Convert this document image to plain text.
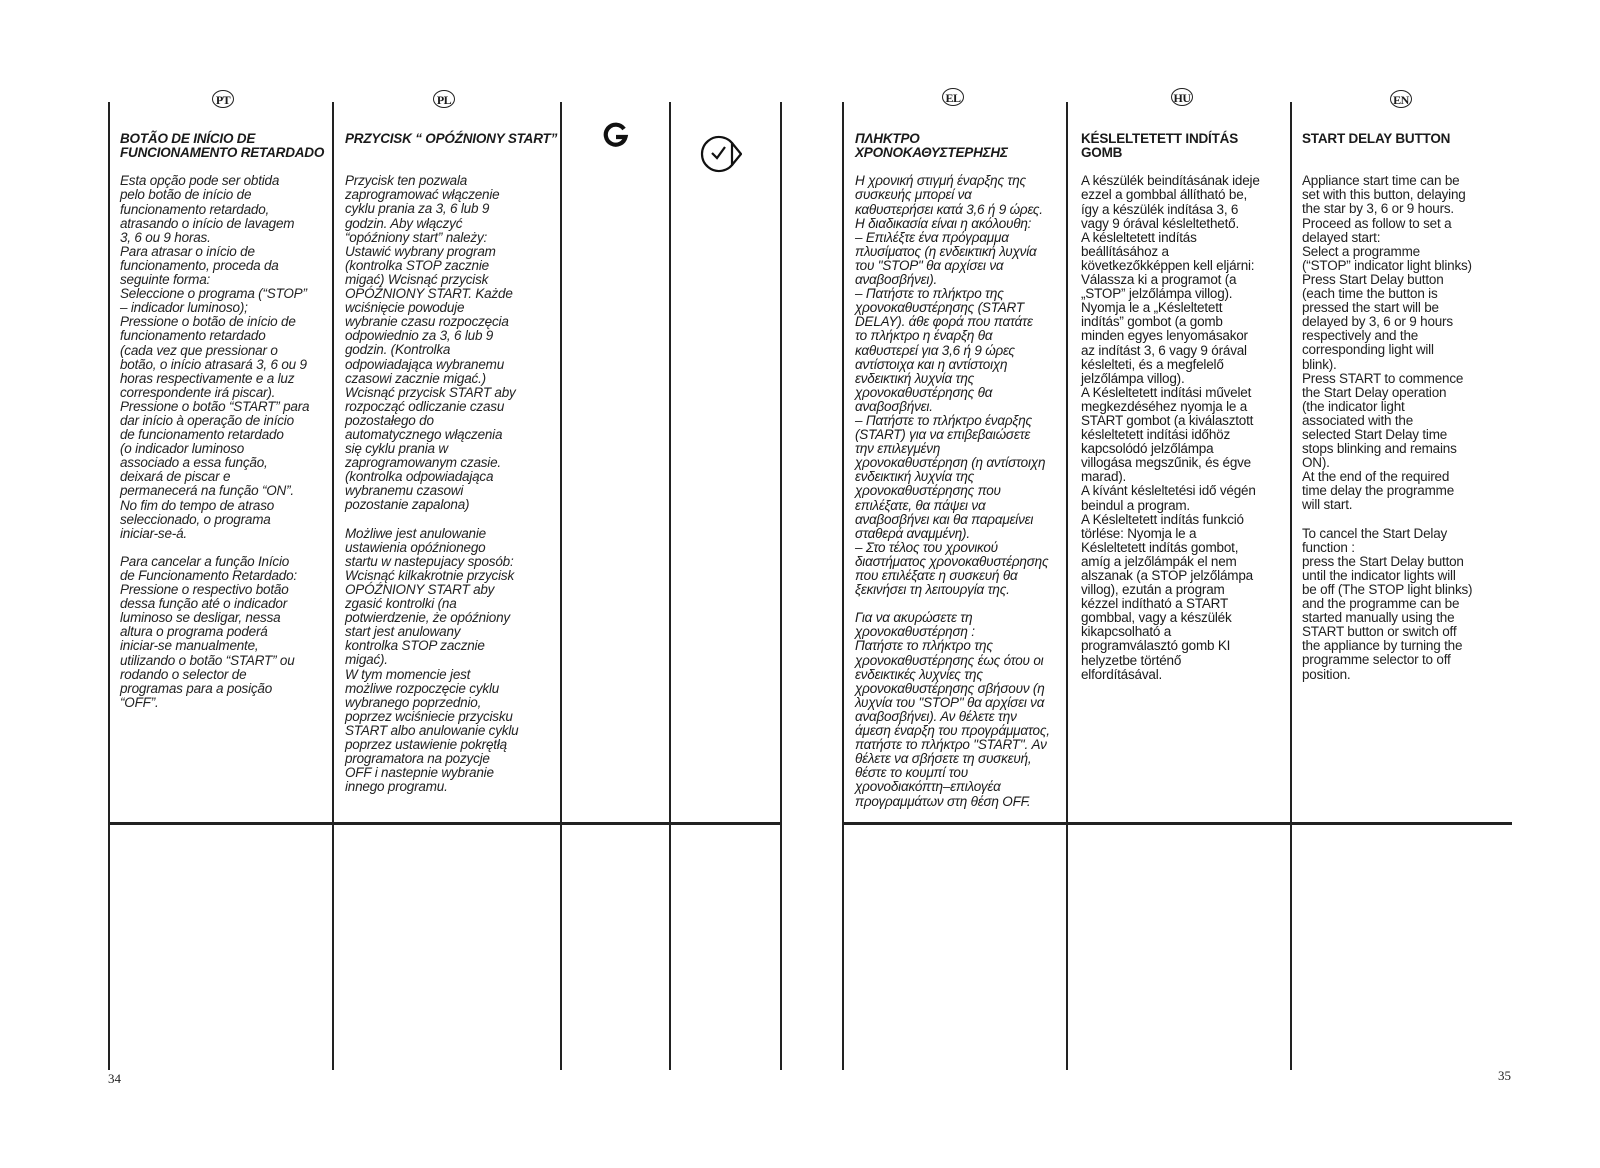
PT	PL	EL	HU	EN

BOTÃO DE INÍCIO DE
FUNCIONAMENTO RETARDADO

Esta opção pode ser obtida
pelo botão de início de
funcionamento retardado,
atrasando o início de lavagem
3, 6 ou 9 horas.
Para atrasar o início de
funcionamento, proceda da
seguinte forma:
Seleccione o programa (“STOP”
– indicador luminoso);
Pressione o botão de início de
funcionamento retardado
(cada vez que pressionar o
botão, o início atrasará 3, 6 ou 9
horas respectivamente e a luz
correspondente irá piscar).
Pressione o botão “START” para
dar início à operação de início
de funcionamento retardado
(o indicador luminoso
associado a essa função,
deixará de piscar e
permanecerá na função “ON”.
No fim do tempo de atraso
seleccionado, o programa
iniciar-se-á.

Para cancelar a função Início
de Funcionamento Retardado:
Pressione o respectivo botão
dessa função até o indicador
luminoso se desligar, nessa
altura o programa poderá
iniciar-se manualmente,
utilizando o botão “START” ou
rodando o selector de
programas para a posição
“OFF”.

PRZYCISK “ OPÓŹNIONY START”

Przycisk ten pozwala
zaprogramować włączenie
cyklu prania za 3, 6 lub 9
godzin. Aby włączyć
“opóźniony start” należy:
Ustawić wybrany program
(kontrolka STOP zacznie
migać) Wcisnąć przycisk
OPÓŹNIONY START. Każde
wciśnięcie powoduje
wybranie czasu rozpoczęcia
odpowiednio za 3, 6 lub 9
godzin. (Kontrolka
odpowiadająca wybranemu
czasowi zacznie migać.)
Wcisnąć przycisk START aby
rozpocząć odliczanie czasu
pozostałego do
automatycznego włączenia
się cyklu prania w
zaprogramowanym czasie.
(kontrolka odpowiadająca
wybranemu czasowi
pozostanie zapalona)

Możliwe jest anulowanie
ustawienia opóźnionego
startu w nastepujacy sposób:
Wcisnąć kilkakrotnie przycisk
OPÓŹNIONY START aby
zgasić kontrolki (na
potwierdzenie, że opóźniony
start jest anulowany
kontrolka STOP zacznie
migać).
W tym momencie jest
możliwe rozpoczęcie cyklu
wybranego poprzednio,
poprzez wciśniecie przycisku
START albo anulowanie cyklu
poprzez ustawienie pokrętłą
programatora na pozycje
OFF i nastepnie wybranie
innego programu.

ΠΛΗΚΤΡΟ
ΧΡΟΝΟΚΑΘΥΣΤΕΡΗΣΗΣ

Η χρονική στιγμή έναρξης της
συσκευής μπορεί να
καθυστερήσει κατά 3,6 ή 9 ώρες.
Η διαδικασία είναι η ακόλουθη:
– Επιλέξτε ένα πρόγραμμα
πλυσίματος (η ενδεικτική λυχνία
του "STOP" θα αρχίσει να
αναβοσβήνει).
– Πατήστε το πλήκτρο της
χρονοκαθυστέρησης (START
DELAY). άθε φορά που πατάτε
το πλήκτρο η έναρξη θα
καθυστερεί για 3,6 ή 9 ώρες
αντίστοιχα και η αντίστοιχη
ενδεικτική λυχνία της
χρονοκαθυστέρησης θα
αναβοσβήνει.
– Πατήστε το πλήκτρο έναρξης
(START) για να επιβεβαιώσετε
την επιλεγμένη
χρονοκαθυστέρηση (η αντίστοιχη
ενδεικτική λυχνία της
χρονοκαθυστέρησης που
επιλέξατε, θα πάψει να
αναβοσβήνει και θα παραμείνει
σταθερά αναμμένη).
– Στο τέλος του χρονικού
διαστήματος χρονοκαθυστέρησης
που επιλέξατε η συσκευή θα
ξεκινήσει τη λειτουργία της.

Για να ακυρώσετε τη
χρονοκαθυστέρηση :
Πατήστε το πλήκτρο της
χρονοκαθυστέρησης έως ότου οι
ενδεικτικές λυχνίες της
χρονοκαθυστέρησης σβήσουν (η
λυχνία του "STOP" θα αρχίσει να
αναβοσβήνει). Αν θέλετε την
άμεση έναρξη του προγράμματος,
πατήστε το πλήκτρο "START". Αν
θέλετε να σβήσετε τη συσκευή,
θέστε το κουμπί του
χρονοδιακόπτη–επιλογέα
προγραμμάτων στη θέση OFF.

KÉSLELTETETT INDÍTÁS
GOMB

A készülék beindításának ideje
ezzel a gombbal állítható be,
így a készülék indítása 3, 6
vagy 9 órával késleltethető.
A késleltetett indítás
beállításához a
következőkképpen kell eljárni:
Válassza ki a programot (a
„STOP” jelzőlámpa villog).
Nyomja le a „Késleltetett
indítás” gombot (a gomb
minden egyes lenyomásakor
az indítást 3, 6 vagy 9 órával
késlelteti, és a megfelelő
jelzőlámpa villog).
A Késleltetett indítási művelet
megkezdéséhez nyomja le a
START gombot (a kiválasztott
késleltetett indítási időhöz
kapcsolódó jelzőlámpa
villogása megszűnik, és égve
marad).
A kívánt késleltetési idő végén
beindul a program.
A Késleltetett indítás funkció
törlése: Nyomja le a
Késleltetett indítás gombot,
amíg a jelzőlámpák el nem
alszanak (a STOP jelzőlámpa
villog), ezután a program
kézzel indítható a START
gombbal, vagy a készülék
kikapcsolható a
programválasztó gomb KI
helyzetbe történő
elfordításával.

START DELAY BUTTON

Appliance start time can be
set with this button, delaying
the star by 3, 6 or 9 hours.
Proceed as follow to set a
delayed start:
Select a programme
(“STOP” indicator light blinks)
Press Start Delay button
(each time the button is
pressed the start will be
delayed by 3, 6 or 9 hours
respectively and the
corresponding light will
blink).
Press START to commence
the Start Delay operation
(the indicator light
associated with the
selected Start Delay time
stops blinking and remains
ON).
At the end of the required
time delay the programme
will start.

To cancel the Start Delay
function :
press the Start Delay button
until the indicator lights will
be off (The STOP light blinks)
and the programme can be
started manually using the
START button or switch off
the appliance by turning the
programme selector to off
position.

34	35
